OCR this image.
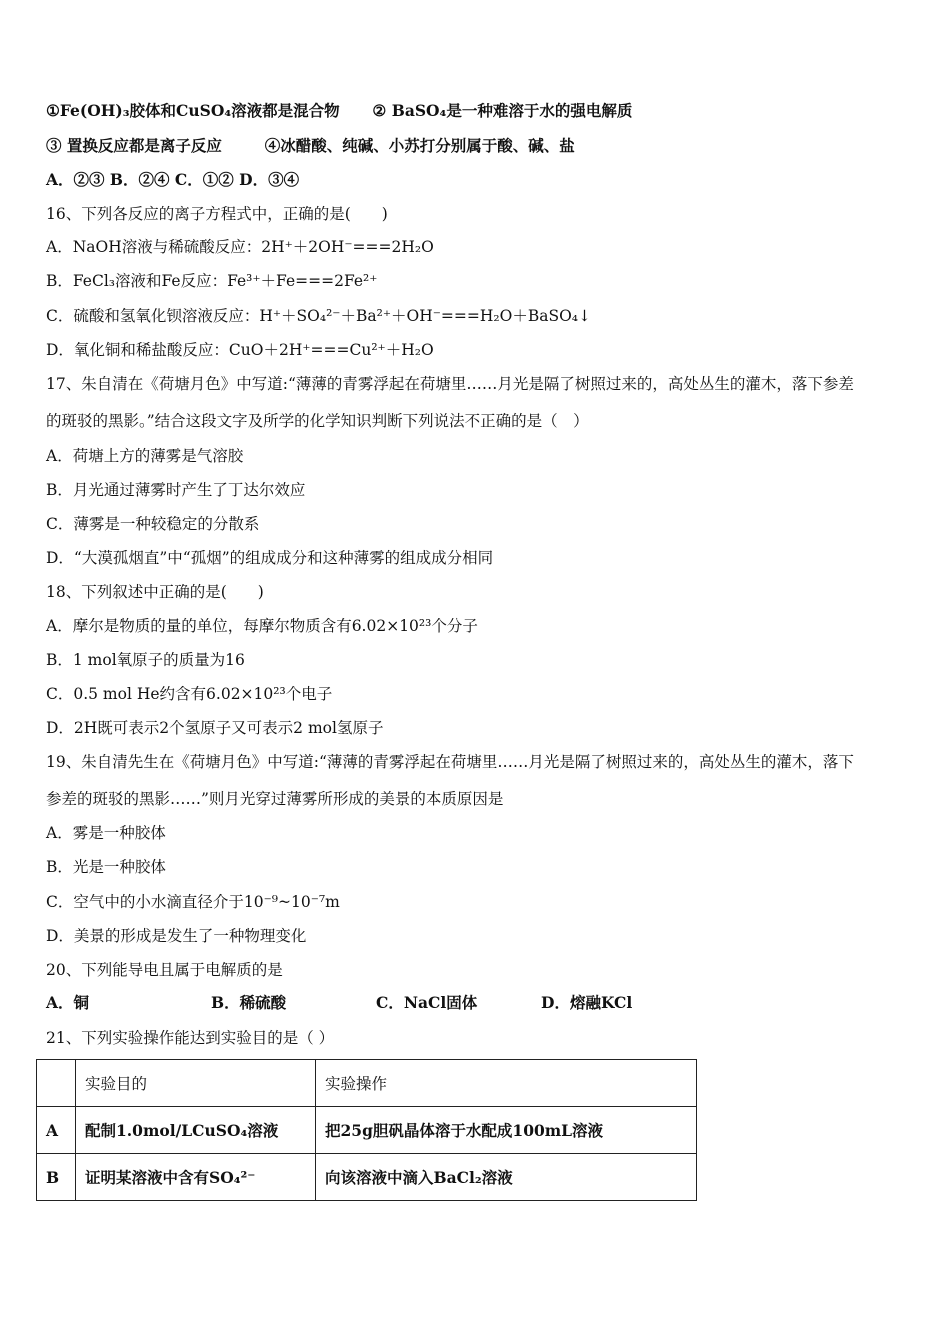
①Fe(OH)₃胶体和CuSO₄溶液都是混合物 ② BaSO₄是一种难溶于水的强电解质
③ 置换反应都是离子反应	④冰醋酸、纯碱、小苏打分别属于酸、碱、盐
A．②③ B．②④ C．①② D．③④
16、下列各反应的离子方程式中，正确的是(　　)
A．NaOH溶液与稀硫酸反应：2H⁺＋2OH⁻===2H₂O
B．FeCl₃溶液和Fe反应：Fe³⁺＋Fe===2Fe²⁺
C．硫酸和氢氧化钡溶液反应：H⁺＋SO₄²⁻＋Ba²⁺＋OH⁻===H₂O＋BaSO₄↓
D．氧化铜和稀盐酸反应：CuO＋2H⁺===Cu²⁺＋H₂O
17、朱自清在《荷塘月色》中写道:“薄薄的青雾浮起在荷塘里……月光是隔了树照过来的，高处丛生的灌木，落下参差
的斑驳的黑影。”结合这段文字及所学的化学知识判断下列说法不正确的是（　）
A．荷塘上方的薄雾是气溶胶
B．月光通过薄雾时产生了丁达尔效应
C．薄雾是一种较稳定的分散系
D．“大漠孤烟直”中“孤烟”的组成成分和这种薄雾的组成成分相同
18、下列叙述中正确的是(　　)
A．摩尔是物质的量的单位，每摩尔物质含有6.02×10²³个分子
B．1 mol氧原子的质量为16
C．0.5 mol He约含有6.02×10²³个电子
D．2H既可表示2个氢原子又可表示2 mol氢原子
19、朱自清先生在《荷塘月色》中写道:“薄薄的青雾浮起在荷塘里……月光是隔了树照过来的，高处丛生的灌木，落下
参差的斑驳的黑影……”则月光穿过薄雾所形成的美景的本质原因是
A．雾是一种胶体
B．光是一种胶体
C．空气中的小水滴直径介于10⁻⁹~10⁻⁷m
D．美景的形成是发生了一种物理变化
20、下列能导电且属于电解质的是
A．铜	B．稀硫酸	C．NaCl固体	D．熔融KCl
21、下列实验操作能达到实验目的是（ ）
	实验目的	实验操作
A	配制1.0mol/LCuSO₄溶液	把25g胆矾晶体溶于水配成100mL溶液
B	证明某溶液中含有SO₄²⁻	向该溶液中滴入BaCl₂溶液
